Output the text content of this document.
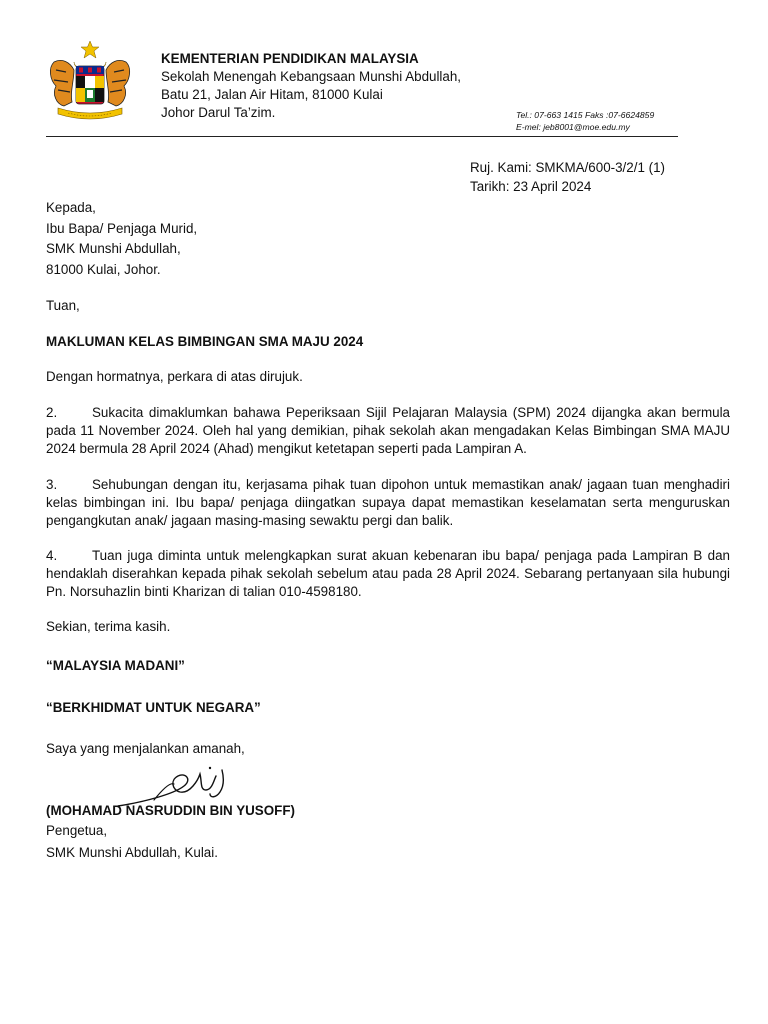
KEMENTERIAN PENDIDIKAN MALAYSIA
Sekolah Menengah Kebangsaan Munshi Abdullah,
Batu 21, Jalan Air Hitam, 81000 Kulai
Johor Darul Ta’zim.	Tel.: 07-663 1415 Faks :07-6624859
E-mel: jeb8001@moe.edu.my
Ruj. Kami: SMKMA/600-3/2/1 (1)
Tarikh: 23 April 2024
Kepada,
Ibu Bapa/ Penjaga Murid,
SMK Munshi Abdullah,
81000 Kulai, Johor.
Tuan,
MAKLUMAN KELAS BIMBINGAN SMA MAJU 2024
Dengan hormatnya, perkara di atas dirujuk.
2.	Sukacita dimaklumkan bahawa Peperiksaan Sijil Pelajaran Malaysia (SPM) 2024 dijangka akan bermula pada 11 November 2024. Oleh hal yang demikian, pihak sekolah akan mengadakan Kelas Bimbingan SMA MAJU 2024 bermula 28 April 2024 (Ahad) mengikut ketetapan seperti pada Lampiran A.
3.	Sehubungan dengan itu, kerjasama pihak tuan dipohon untuk memastikan anak/ jagaan tuan menghadiri kelas bimbingan ini. Ibu bapa/ penjaga diingatkan supaya dapat memastikan keselamatan serta menguruskan pengangkutan anak/ jagaan masing-masing sewaktu pergi dan balik.
4.	Tuan juga diminta untuk melengkapkan surat akuan kebenaran ibu bapa/ penjaga pada Lampiran B dan hendaklah diserahkan kepada pihak sekolah sebelum atau pada 28 April 2024. Sebarang pertanyaan sila hubungi Pn. Norsuhazlin binti Kharizan di talian 010-4598180.
Sekian, terima kasih.
“MALAYSIA MADANI”
“BERKHIDMAT UNTUK NEGARA”
Saya yang menjalankan amanah,
(MOHAMAD NASRUDDIN BIN YUSOFF)
Pengetua,
SMK Munshi Abdullah, Kulai.
